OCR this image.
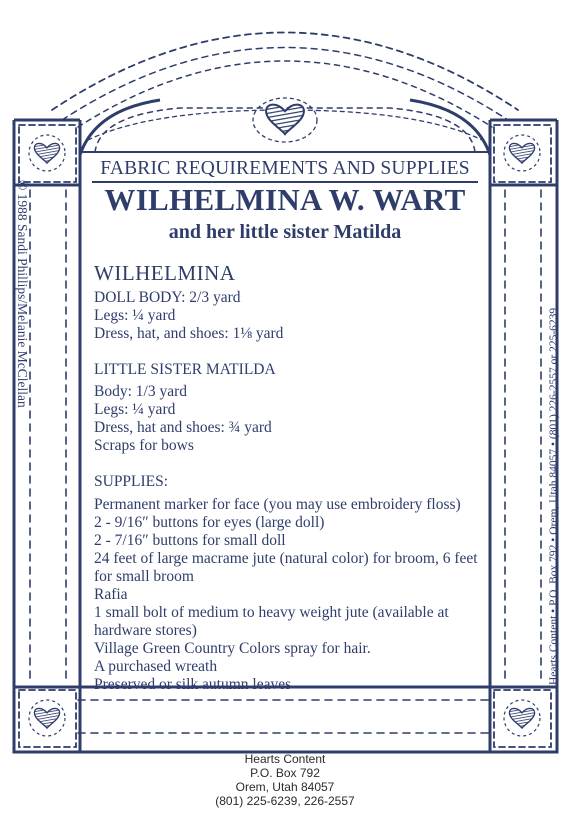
FABRIC REQUIREMENTS AND SUPPLIES
WILHELMINA W. WART
and her little sister Matilda
WILHELMINA
DOLL BODY: 2/3 yard
Legs: ¼ yard
Dress, hat, and shoes: 1⅛ yard
LITTLE SISTER MATILDA
Body: 1/3 yard
Legs: ¼ yard
Dress, hat and shoes: ¾ yard
Scraps for bows
SUPPLIES:
Permanent marker for face (you may use embroidery floss)
2 - 9/16″ buttons for eyes (large doll)
2 - 7/16″ buttons for small doll
24 feet of large macrame jute (natural color) for broom, 6 feet for small broom
Rafia
1 small bolt of medium to heavy weight jute (available at hardware stores)
Village Green Country Colors spray for hair.
A purchased wreath
Preserved or silk autumn leaves
© 1988 Sandi Phillips/Melanie McClellan
Hearts Content • P.O. Box 792 • Orem, Utah 84057 • (801) 226-2557 or 225-6239
Hearts Content
P.O. Box 792
Orem, Utah 84057
(801) 225-6239, 226-2557
